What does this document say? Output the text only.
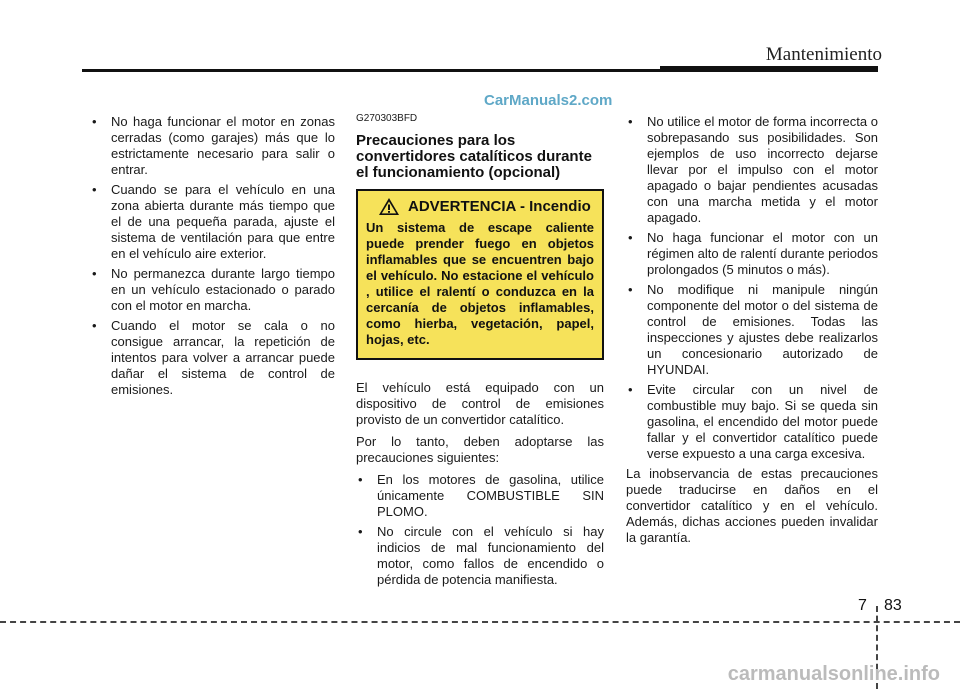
Mantenimiento
CarManuals2.com
• No haga funcionar el motor en zonas cerradas (como garajes) más que lo estrictamente necesario para salir o entrar.
• Cuando se para el vehículo en una zona abierta durante más tiempo que el de una pequeña parada, ajuste el sistema de ventilación para que entre en el vehículo aire exterior.
• No permanezca durante largo tiempo en un vehículo estacionado o parado con el motor en marcha.
• Cuando el motor se cala o no consigue arrancar, la repetición de intentos para volver a arrancar puede dañar el sistema de control de emisiones.
G270303BFD
Precauciones para los convertidores catalíticos durante el funcionamiento (opcional)
ADVERTENCIA - Incendio
Un sistema de escape caliente puede prender fuego en objetos inflamables que se encuentren bajo el vehículo. No estacione el vehículo , utilice el ralentí o conduzca en la cercanía de objetos inflamables, como hierba, vegetación, papel, hojas, etc.

El vehículo está equipado con un dispositivo de control de emisiones provisto de un convertidor catalítico.

Por lo tanto, deben adoptarse las precauciones siguientes:

• En los motores de gasolina, utilice únicamente COMBUSTIBLE SIN PLOMO.
• No circule con el vehículo si hay indicios de mal funcionamiento del motor, como fallos de encendido o pérdida de potencia manifiesta.
• No utilice el motor de forma incorrecta o sobrepasando sus posibilidades. Son ejemplos de uso incorrecto dejarse llevar por el impulso con el motor apagado o bajar pendientes acusadas con una marcha metida y el motor apagado.
• No haga funcionar el motor con un régimen alto de ralentí durante periodos prolongados (5 minutos o más).
• No modifique ni manipule ningún componente del motor o del sistema de control de emisiones. Todas las inspecciones y ajustes debe realizarlos un concesionario autorizado de HYUNDAI.
• Evite circular con un nivel de combustible muy bajo. Si se queda sin gasolina, el encendido del motor puede fallar y el convertidor catalítico puede verse expuesto a una carga excesiva.

La inobservancia de estas precauciones puede traducirse en daños en el convertidor catalítico y en el vehículo. Además, dichas acciones pueden invalidar la garantía.

7 83
carmanualsonline.info
